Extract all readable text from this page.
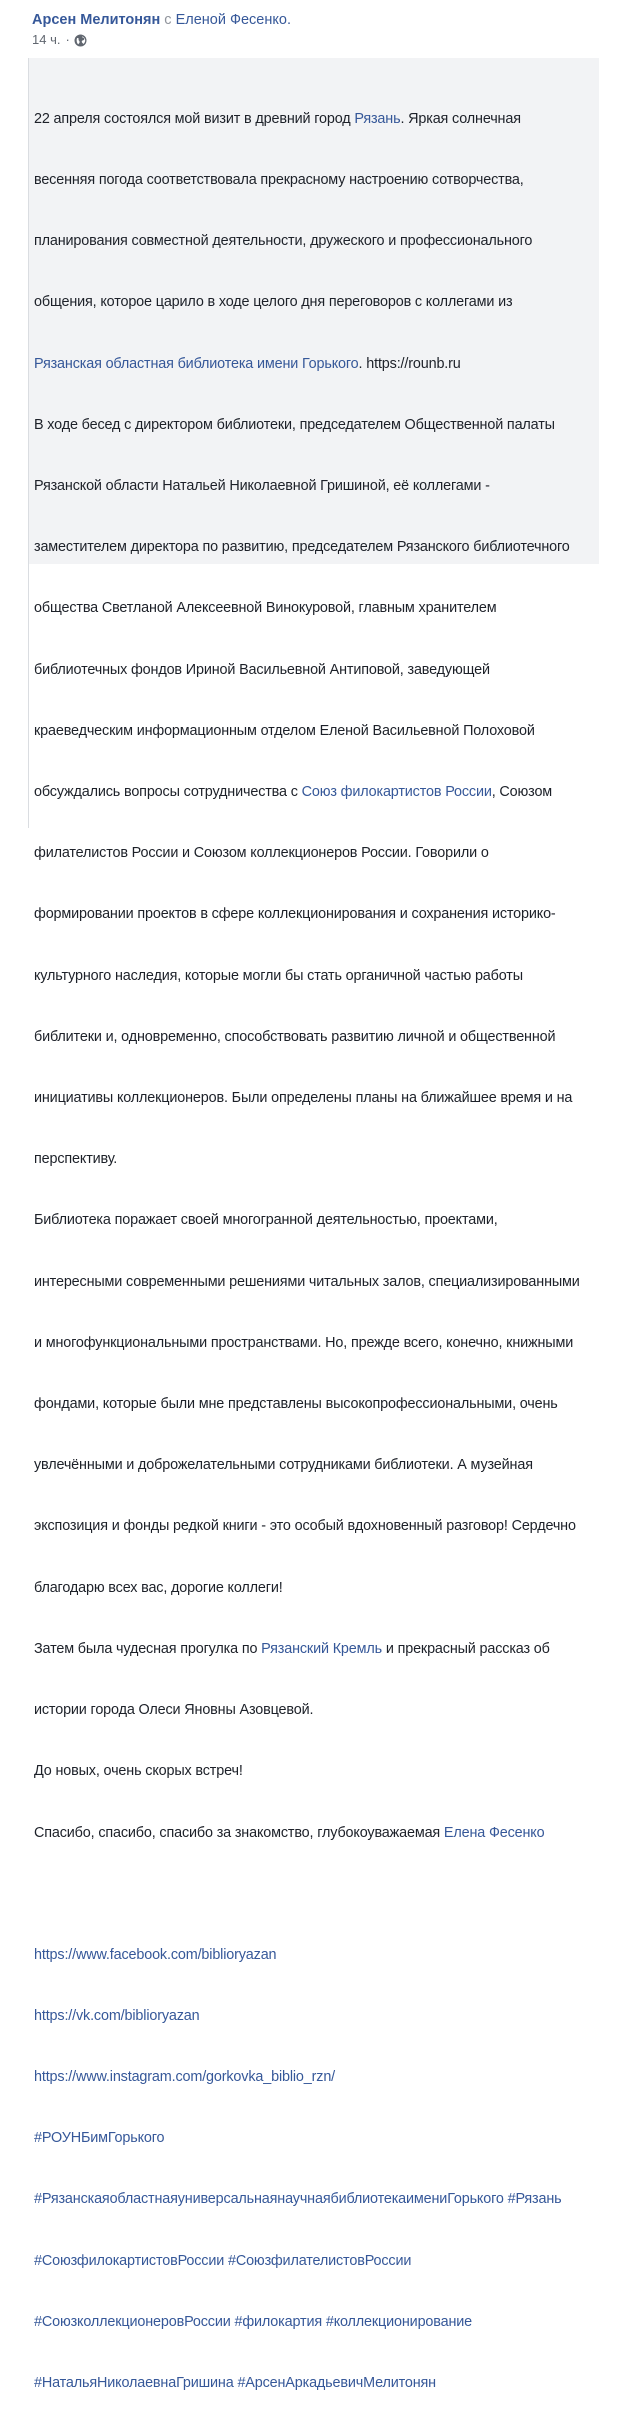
Арсен Мелитонян с Еленой Фесенко.
14 ч. ·

22 апреля состоялся мой визит в древний город Рязань. Яркая солнечная

весенняя погода соответствовала прекрасному настроению сотворчества,

планирования совместной деятельности, дружеского и профессионального

общения, которое царило в ходе целого дня переговоров с коллегами из

Рязанская областная библиотека имени Горького. https://rounb.ru

В ходе бесед с директором библиотеки, председателем Общественной палаты

Рязанской области Натальей Николаевной Гришиной, её коллегами -

заместителем директора по развитию, председателем Рязанского библиотечного

общества Светланой Алексеевной Винокуровой, главным хранителем

библиотечных фондов Ириной Васильевной Антиповой, заведующей

краеведческим информационным отделом Еленой Васильевной Полоховой

обсуждались вопросы сотрудничества с Союз филокартистов России, Союзом

филателистов России и Союзом коллекционеров России. Говорили о

формировании проектов в сфере коллекционирования и сохранения историко-

культурного наследия, которые могли бы стать органичной частью работы

библитеки и, одновременно, способствовать развитию личной и общественной

инициативы коллекционеров. Были определены планы на ближайшее время и на

перспективу.

Библиотека поражает своей многогранной деятельностью, проектами,

интересными современными решениями читальных залов, специализированными

и многофункциональными пространствами. Но, прежде всего, конечно, книжными

фондами, которые были мне представлены высокопрофессиональными, очень

увлечёнными и доброжелательными сотрудниками библиотеки. А музейная

экспозиция и фонды редкой книги - это особый вдохновенный разговор! Сердечно

благодарю всех вас, дорогие коллеги!

Затем была чудесная прогулка по Рязанский Кремль и прекрасный рассказ об

истории города Олеси Яновны Азовцевой.

До новых, очень скорых встреч!

Спасибо, спасибо, спасибо за знакомство, глубокоуважаемая Елена Фесенко

https://www.facebook.com/biblioryazan

https://vk.com/biblioryazan

https://www.instagram.com/gorkovka_biblio_rzn/

#РОУНБимГорького

#РязанскаяобластнаяуниверсальнаянаучнаябиблиотекаимениГорького #Рязань

#СоюзфилокартистовРоссии #СоюзфилателистовРоссии

#СоюзколлекционеровРоссии #филокартия #коллекционирование

#НатальяНиколаевнаГришина #АрсенАркадьевичМелитонян
